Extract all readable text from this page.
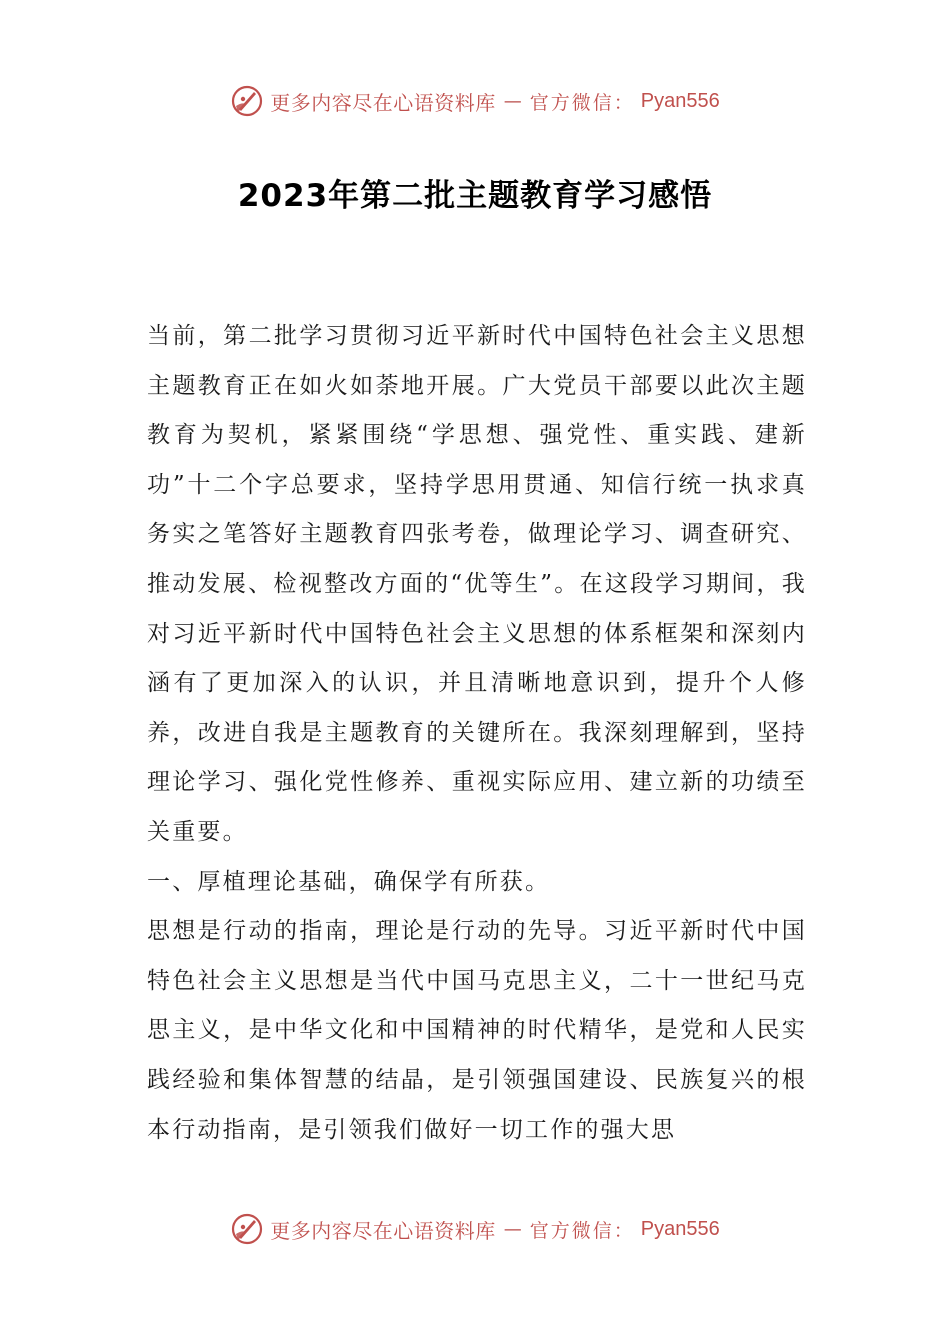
更多内容尽在心语资料库 — 官方微信： Pyan556
2023年第二批主题教育学习感悟

当前，第二批学习贯彻习近平新时代中国特色社会主义思想主题教育正在如火如荼地开展。广大党员干部要以此次主题教育为契机，紧紧围绕“学思想、强党性、重实践、建新功”十二个字总要求，坚持学思用贯通、知信行统一执求真务实之笔答好主题教育四张考卷，做理论学习、调查研究、推动发展、检视整改方面的“优等生”。在这段学习期间，我对习近平新时代中国特色社会主义思想的体系框架和深刻内涵有了更加深入的认识，并且清晰地意识到，提升个人修养，改进自我是主题教育的关键所在。我深刻理解到，坚持理论学习、强化党性修养、重视实际应用、建立新的功绩至关重要。

一、厚植理论基础，确保学有所获。

思想是行动的指南，理论是行动的先导。习近平新时代中国特色社会主义思想是当代中国马克思主义，二十一世纪马克思主义，是中华文化和中国精神的时代精华，是党和人民实践经验和集体智慧的结晶，是引领强国建设、民族复兴的根本行动指南，是引领我们做好一切工作的强大思

更多内容尽在心语资料库 — 官方微信： Pyan556
